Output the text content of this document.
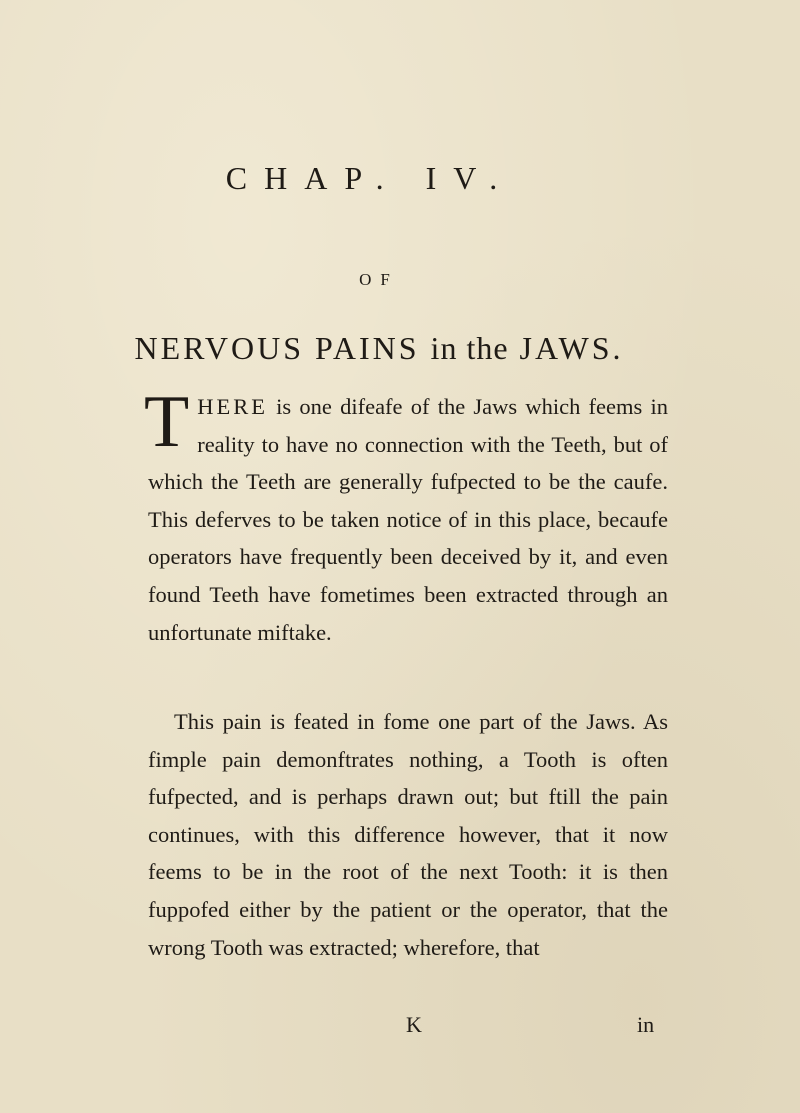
CHAP. IV.
OF
NERVOUS PAINS in the JAWS.
THERE is one difeafe of the Jaws which feems in reality to have no connection with the Teeth, but of which the Teeth are generally fufpected to be the caufe. This deferves to be taken notice of in this place, becaufe operators have frequently been deceived by it, and even found Teeth have fometimes been extracted through an unfortunate miftake.
This pain is feated in fome one part of the Jaws. As fimple pain demonftrates nothing, a Tooth is often fufpected, and is perhaps drawn out; but ftill the pain continues, with this difference however, that it now feems to be in the root of the next Tooth: it is then fuppofed either by the patient or the operator, that the wrong Tooth was extracted; wherefore, that
K	in
